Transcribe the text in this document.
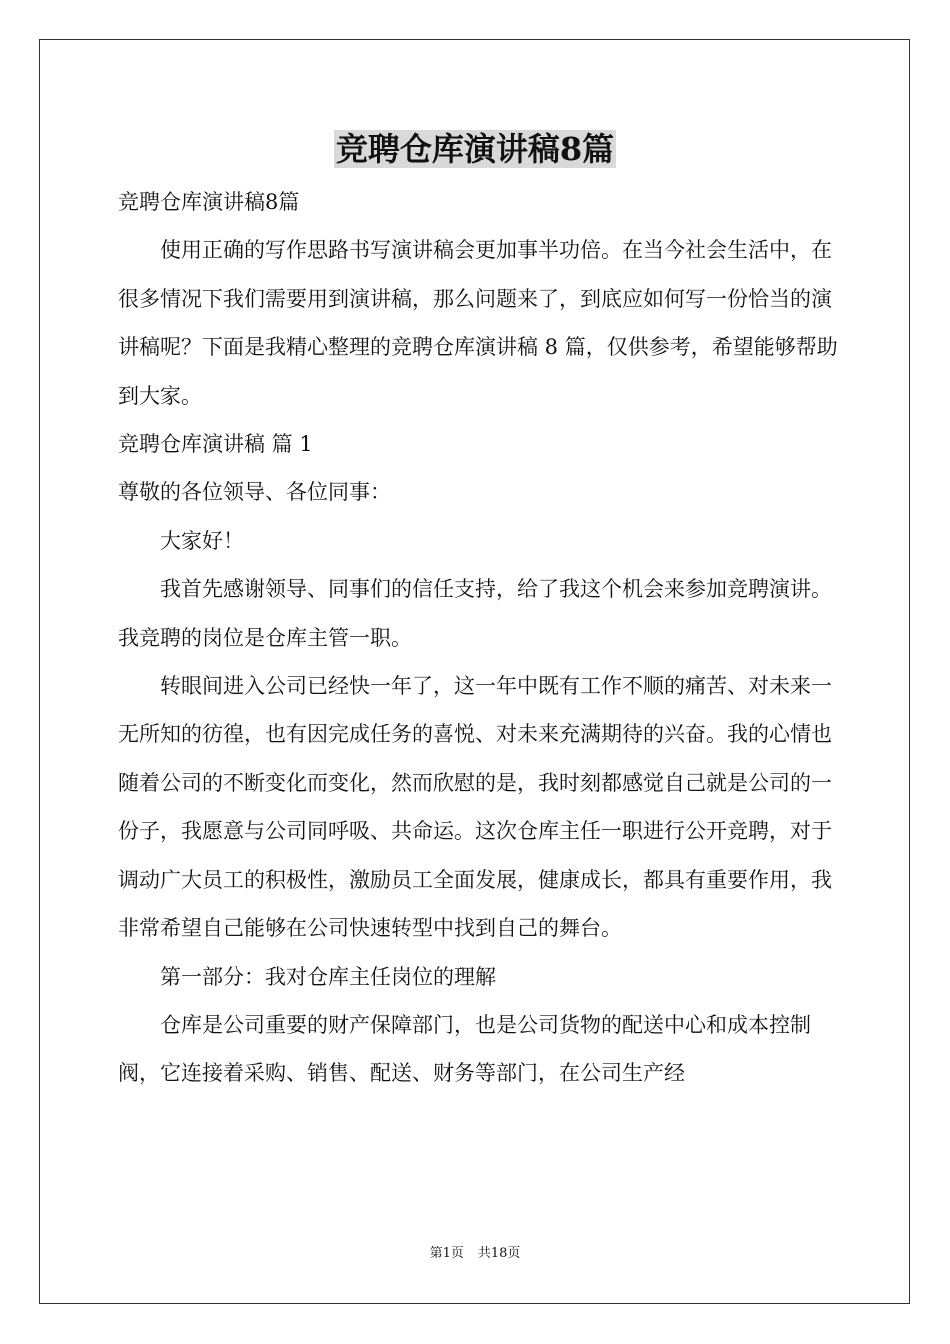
竞聘仓库演讲稿8篇

竞聘仓库演讲稿8篇

使用正确的写作思路书写演讲稿会更加事半功倍。在当今社会生活中，在很多情况下我们需要用到演讲稿，那么问题来了，到底应如何写一份恰当的演讲稿呢？下面是我精心整理的竞聘仓库演讲稿 8 篇，仅供参考，希望能够帮助到大家。

竞聘仓库演讲稿 篇 1

尊敬的各位领导、各位同事：

大家好！

我首先感谢领导、同事们的信任支持，给了我这个机会来参加竞聘演讲。我竞聘的岗位是仓库主管一职。

转眼间进入公司已经快一年了，这一年中既有工作不顺的痛苦、对未来一无所知的彷徨，也有因完成任务的喜悦、对未来充满期待的兴奋。我的心情也随着公司的不断变化而变化，然而欣慰的是，我时刻都感觉自己就是公司的一份子，我愿意与公司同呼吸、共命运。这次仓库主任一职进行公开竞聘，对于调动广大员工的积极性，激励员工全面发展，健康成长，都具有重要作用，我非常希望自己能够在公司快速转型中找到自己的舞台。

第一部分：我对仓库主任岗位的理解

仓库是公司重要的财产保障部门，也是公司货物的配送中心和成本控制阀，它连接着采购、销售、配送、财务等部门，在公司生产经

第1页 共18页
